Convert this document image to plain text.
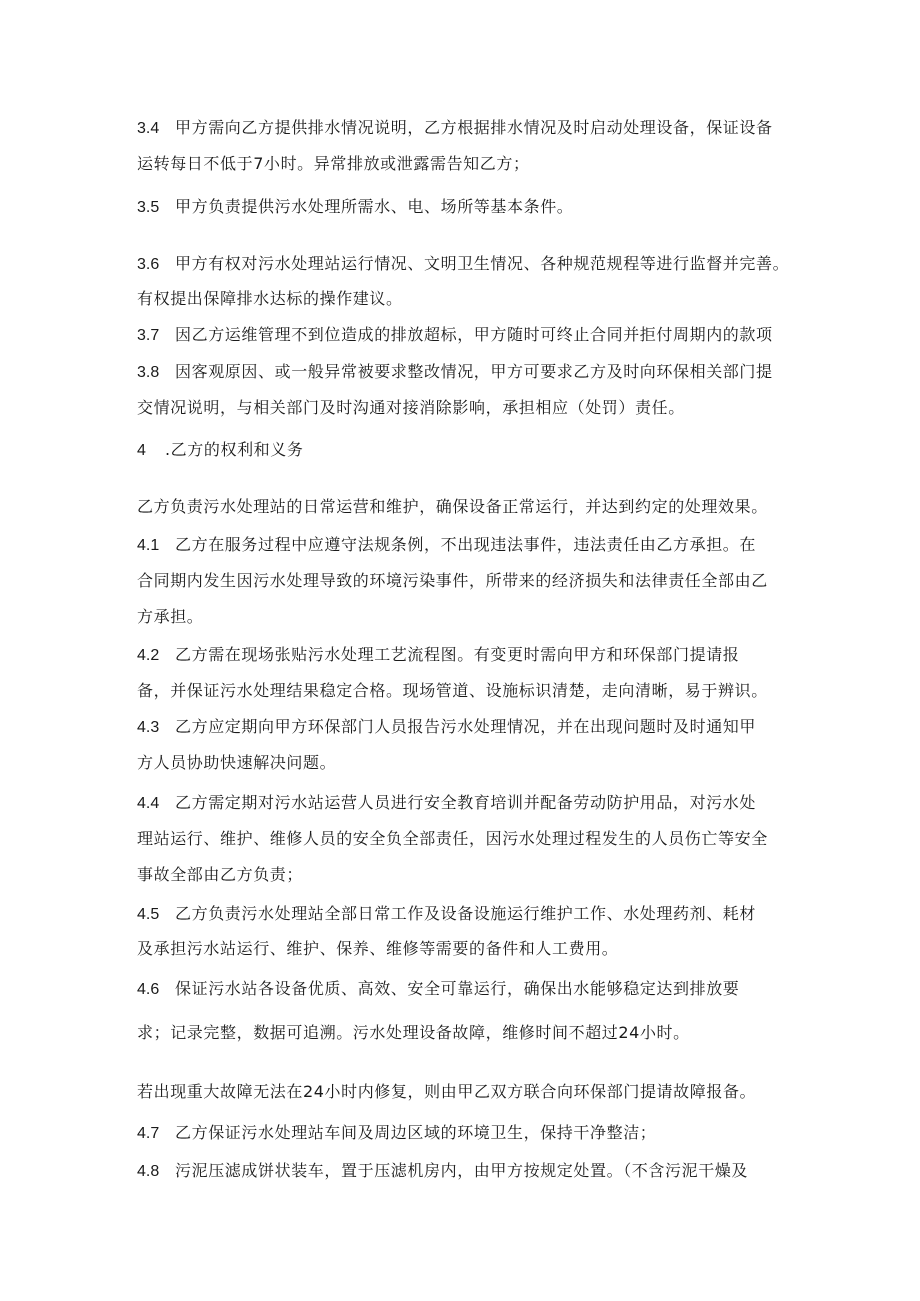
3.4 甲方需向乙方提供排水情况说明，乙方根据排水情况及时启动处理设备，保证设备
运转每日不低于7小时。异常排放或泄露需告知乙方；
3.5 甲方负责提供污水处理所需水、电、场所等基本条件。
3.6 甲方有权对污水处理站运行情况、文明卫生情况、各种规范规程等进行监督并完善。
有权提出保障排水达标的操作建议。
3.7 因乙方运维管理不到位造成的排放超标，甲方随时可终止合同并拒付周期内的款项
3.8 因客观原因、或一般异常被要求整改情况，甲方可要求乙方及时向环保相关部门提
交情况说明，与相关部门及时沟通对接消除影响，承担相应（处罚）责任。
4 .乙方的权利和义务
乙方负责污水处理站的日常运营和维护，确保设备正常运行，并达到约定的处理效果。
4.1 乙方在服务过程中应遵守法规条例，不出现违法事件，违法责任由乙方承担。在
合同期内发生因污水处理导致的环境污染事件，所带来的经济损失和法律责任全部由乙
方承担。
4.2 乙方需在现场张贴污水处理工艺流程图。有变更时需向甲方和环保部门提请报
备，并保证污水处理结果稳定合格。现场管道、设施标识清楚，走向清晰，易于辨识。
4.3 乙方应定期向甲方环保部门人员报告污水处理情况，并在出现问题时及时通知甲
方人员协助快速解决问题。
4.4 乙方需定期对污水站运营人员进行安全教育培训并配备劳动防护用品，对污水处
理站运行、维护、维修人员的安全负全部责任，因污水处理过程发生的人员伤亡等安全
事故全部由乙方负责；
4.5 乙方负责污水处理站全部日常工作及设备设施运行维护工作、水处理药剂、耗材
及承担污水站运行、维护、保养、维修等需要的备件和人工费用。
4.6 保证污水站各设备优质、高效、安全可靠运行，确保出水能够稳定达到排放要
求；记录完整，数据可追溯。污水处理设备故障，维修时间不超过24小时。
若出现重大故障无法在24小时内修复，则由甲乙双方联合向环保部门提请故障报备。
4.7 乙方保证污水处理站车间及周边区域的环境卫生，保持干净整洁；
4.8 污泥压滤成饼状装车，置于压滤机房内，由甲方按规定处置。（不含污泥干燥及
